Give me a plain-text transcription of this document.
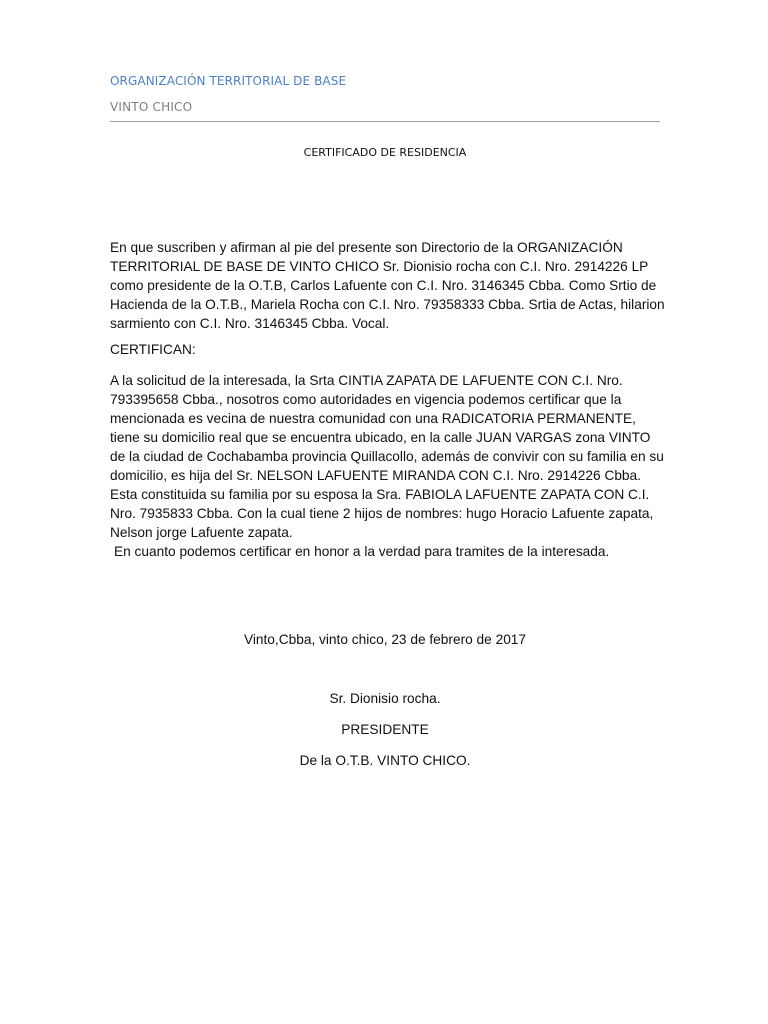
ORGANIZACIÓN TERRITORIAL DE BASE
VINTO CHICO
CERTIFICADO DE RESIDENCIA

En que suscriben y afirman al pie del presente son Directorio de la ORGANIZACIÓN TERRITORIAL DE BASE DE VINTO CHICO Sr. Dionisio rocha con C.I. Nro. 2914226 LP como presidente de la O.T.B, Carlos Lafuente con C.I. Nro. 3146345 Cbba. Como Srtio de Hacienda de la O.T.B., Mariela Rocha con C.I. Nro. 79358333 Cbba. Srtia de Actas, hilarion sarmiento con C.I. Nro. 3146345 Cbba. Vocal.

CERTIFICAN:

A la solicitud de la interesada, la Srta CINTIA ZAPATA DE LAFUENTE CON C.I. Nro. 793395658 Cbba., nosotros como autoridades en vigencia podemos certificar que la mencionada es vecina de nuestra comunidad con una RADICATORIA PERMANENTE, tiene su domicilio real que se encuentra ubicado, en la calle JUAN VARGAS zona VINTO de la ciudad de Cochabamba provincia Quillacollo, además de convivir con su familia en su domicilio, es hija del Sr. NELSON LAFUENTE MIRANDA CON C.I. Nro. 2914226 Cbba. Esta constituida su familia por su esposa la Sra. FABIOLA LAFUENTE ZAPATA CON C.I. Nro. 7935833 Cbba. Con la cual tiene 2 hijos de nombres: hugo Horacio Lafuente zapata, Nelson jorge Lafuente zapata.

En cuanto podemos certificar en honor a la verdad para tramites de la interesada.

Vinto,Cbba, vinto chico, 23 de febrero de 2017
Sr. Dionisio rocha.
PRESIDENTE
De la O.T.B. VINTO CHICO.
